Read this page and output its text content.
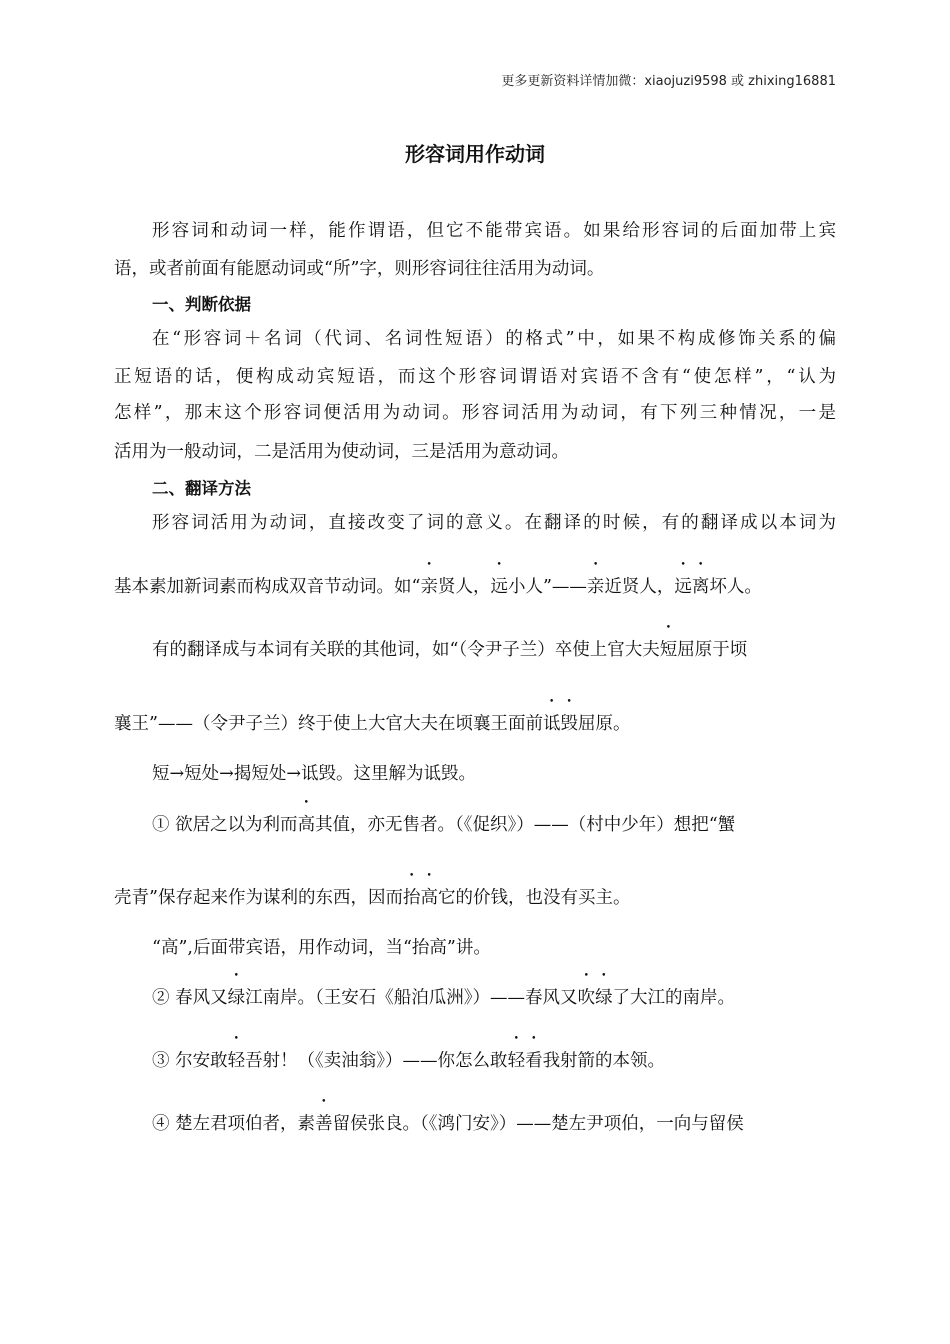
更多更新资料详情加微：xiaojuzi9598 或 zhixing16881
形容词用作动词
形容词和动词一样，能作谓语，但它不能带宾语。如果给形容词的后面加带上宾
语，或者前面有能愿动词或“所”字，则形容词往往活用为动词。
一、判断依据
在“形容词＋名词（代词、名词性短语）的格式”中，如果不构成修饰关系的偏
正短语的话，便构成动宾短语，而这个形容词谓语对宾语不含有“使怎样”，“认为
怎样”，那末这个形容词便活用为动词。形容词活用为动词，有下列三种情况，一是
活用为一般动词，二是活用为使动词，三是活用为意动词。
二、翻译方法
形容词活用为动词，直接改变了词的意义。在翻译的时候，有的翻译成以本词为
基本素加新词素而构成双音节动词。如“亲贤人，远小人”——亲近贤人，远离坏人。
有的翻译成与本词有关联的其他词，如“（令尹子兰）卒使上官大夫短屈原于顷
襄王”——（令尹子兰）终于使上大官大夫在顷襄王面前诋毁屈原。
短→短处→揭短处→诋毁。这里解为诋毁。
① 欲居之以为利而高其值，亦无售者。（《促织》）——（村中少年）想把“蟹
壳青”保存起来作为谋利的东西，因而抬高它的价钱，也没有买主。
“高”,后面带宾语，用作动词，当“抬高”讲。
② 春风又绿江南岸。（王安石《船泊瓜洲》）——春风又吹绿了大江的南岸。
③ 尔安敢轻吾射！（《卖油翁》）——你怎么敢轻看我射箭的本领。
④ 楚左君项伯者，素善留侯张良。（《鸿门安》）——楚左尹项伯，一向与留侯
